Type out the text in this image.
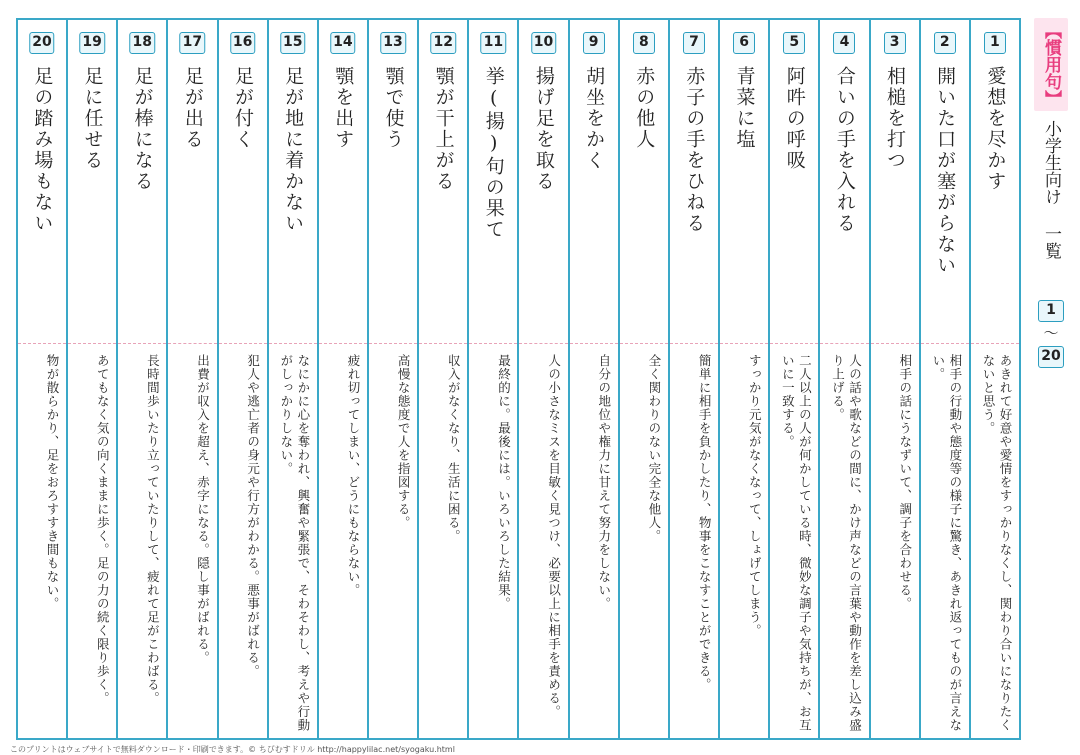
1
愛想を尽かす
あきれて好意や愛情をすっかりなくし、関わり合いになりたくないと思う。
2
開いた口が塞がらない
相手の行動や態度等の様子に驚き、あきれ返ってものが言えない。
3
相槌を打つ
相手の話にうなずいて、調子を合わせる。
4
合いの手を入れる
人の話や歌などの間に、かけ声などの言葉や動作を差し込み盛り上げる。
5
阿吽の呼吸
二人以上の人が何かしている時、微妙な調子や気持ちが、お互いに一致する。
6
青菜に塩
すっかり元気がなくなって、しょげてしまう。
7
赤子の手をひねる
簡単に相手を負かしたり、物事をこなすことができる。
8
赤の他人
全く関わりのない完全な他人。
9
胡坐をかく
自分の地位や権力に甘えて努力をしない。
10
揚げ足を取る
人の小さなミスを目敏く見つけ、必要以上に相手を責める。
11
挙(揚)句の果て
最終的に。最後には。いろいろした結果。
12
顎が干上がる
収入がなくなり、生活に困る。
13
顎で使う
高慢な態度で人を指図する。
14
顎を出す
疲れ切ってしまい、どうにもならない。
15
足が地に着かない
なにかに心を奪われ、興奮や緊張で、そわそわし、考えや行動がしっかりしない。
16
足が付く
犯人や逃亡者の身元や行方がわかる。悪事がばれる。
17
足が出る
出費が収入を超え、赤字になる。隠し事がばれる。
18
足が棒になる
長時間歩いたり立っていたりして、疲れて足がこわばる。
19
足に任せる
あてもなく気の向くままに歩く。足の力の続く限り歩く。
20
足の踏み場もない
物が散らかり、足をおろすすき間もない。
【慣用句】
小学生向け 一覧
1
〜
20
このプリントはウェブサイトで無料ダウンロード・印刷できます。© ちびむすドリル http://happylilac.net/syogaku.html
